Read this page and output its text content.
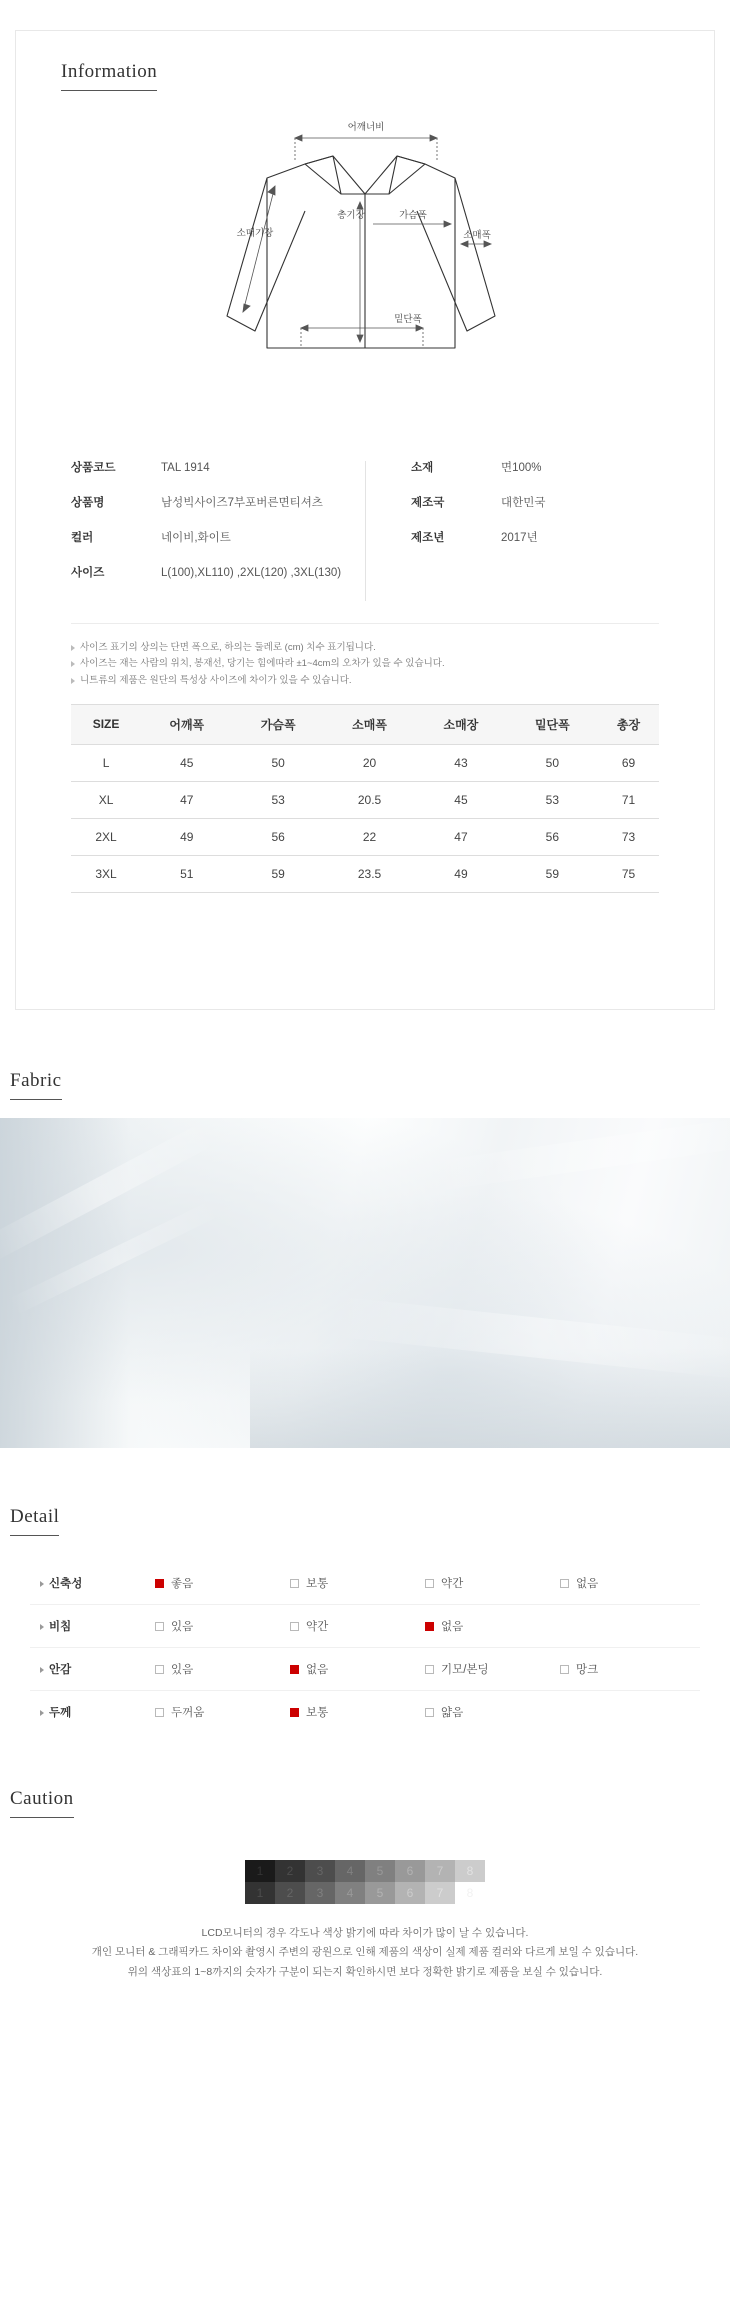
Information
어깨너비
총기장	가슴폭
소매기장	소매폭
밑단폭
상품코드	TAL 1914
상품명	남성빅사이즈7부포버른면티셔츠
컬러	네이비,화이트
사이즈	L(100),XL110) ,2XL(120) ,3XL(130)
소재	면100%
제조국	대한민국
제조년	2017년
사이즈 표기의 상의는 단면 폭으로, 하의는 둘레로 (cm) 치수 표기됩니다.
사이즈는 재는 사람의 위치, 봉재선, 당기는 힘에따라 ±1~4cm의 오차가 있을 수 있습니다.
니트류의 제품은 원단의 특성상 사이즈에 차이가 있을 수 있습니다.
SIZE	어깨폭	가슴폭	소매폭	소매장	밑단폭	총장
L	45	50	20	43	50	69
XL	47	53	20.5	45	53	71
2XL	49	56	22	47	56	73
3XL	51	59	23.5	49	59	75
Fabric
Detail
신축성	좋음	보통	약간	없음
비침	있음	약간	없음
안감	있음	없음	기모/본딩	망크
두께	두꺼움	보통	얇음
Caution
1
1
2
2
3
3
4
4
5
5
6
6
7
7
8
8
LCD모니터의 경우 각도나 색상 밝기에 따라 차이가 많이 날 수 있습니다.
개인 모니터 & 그래픽카드 차이와 촬영시 주변의 광원으로 인해 제품의 색상이 실제 제품 컬러와 다르게 보일 수 있습니다.
위의 색상표의 1~8까지의 숫자가 구분이 되는지 확인하시면 보다 정확한 밝기로 제품을 보실 수 있습니다.
